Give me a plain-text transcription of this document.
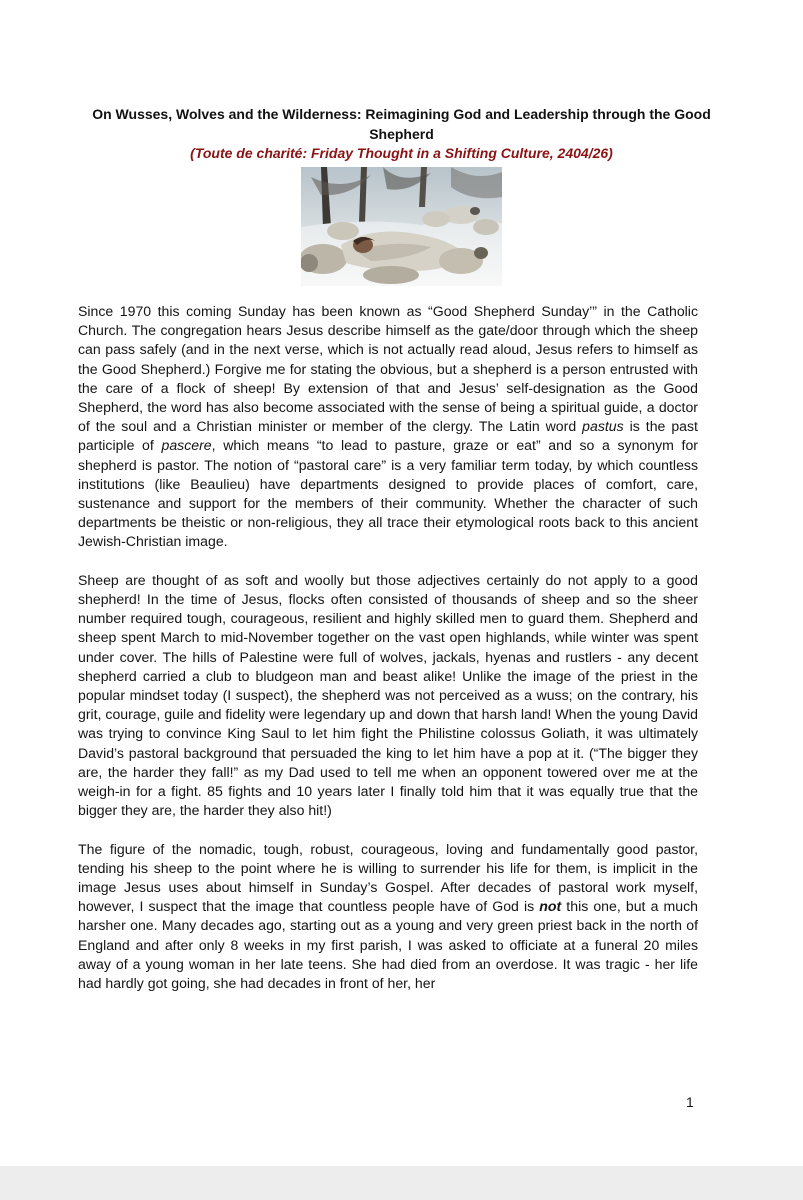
On Wusses, Wolves and the Wilderness: Reimagining God and Leadership through the Good Shepherd
(Toute de charité: Friday Thought in a Shifting Culture, 2404/26)

Since 1970 this coming Sunday has been known as “Good Shepherd Sunday’” in the Catholic Church. The congregation hears Jesus describe himself as the gate/door through which the sheep can pass safely (and in the next verse, which is not actually read aloud, Jesus refers to himself as the Good Shepherd.) Forgive me for stating the obvious, but a shepherd is a person entrusted with the care of a flock of sheep! By extension of that and Jesus’ self-designation as the Good Shepherd, the word has also become associated with the sense of being a spiritual guide, a doctor of the soul and a Christian minister or member of the clergy. The Latin word pastus is the past participle of pascere, which means “to lead to pasture, graze or eat” and so a synonym for shepherd is pastor. The notion of “pastoral care” is a very familiar term today, by which countless institutions (like Beaulieu) have departments designed to provide places of comfort, care, sustenance and support for the members of their community. Whether the character of such departments be theistic or non-religious, they all trace their etymological roots back to this ancient Jewish-Christian image.

Sheep are thought of as soft and woolly but those adjectives certainly do not apply to a good shepherd! In the time of Jesus, flocks often consisted of thousands of sheep and so the sheer number required tough, courageous, resilient and highly skilled men to guard them. Shepherd and sheep spent March to mid-November together on the vast open highlands, while winter was spent under cover. The hills of Palestine were full of wolves, jackals, hyenas and rustlers - any decent shepherd carried a club to bludgeon man and beast alike! Unlike the image of the priest in the popular mindset today (I suspect), the shepherd was not perceived as a wuss; on the contrary, his grit, courage, guile and fidelity were legendary up and down that harsh land! When the young David was trying to convince King Saul to let him fight the Philistine colossus Goliath, it was ultimately David’s pastoral background that persuaded the king to let him have a pop at it. (“The bigger they are, the harder they fall!” as my Dad used to tell me when an opponent towered over me at the weigh-in for a fight. 85 fights and 10 years later I finally told him that it was equally true that the bigger they are, the harder they also hit!)

The figure of the nomadic, tough, robust, courageous, loving and fundamentally good pastor, tending his sheep to the point where he is willing to surrender his life for them, is implicit in the image Jesus uses about himself in Sunday’s Gospel. After decades of pastoral work myself, however, I suspect that the image that countless people have of God is not this one, but a much harsher one. Many decades ago, starting out as a young and very green priest back in the north of England and after only 8 weeks in my first parish, I was asked to officiate at a funeral 20 miles away of a young woman in her late teens. She had died from an overdose. It was tragic - her life had hardly got going, she had decades in front of her, her

1
